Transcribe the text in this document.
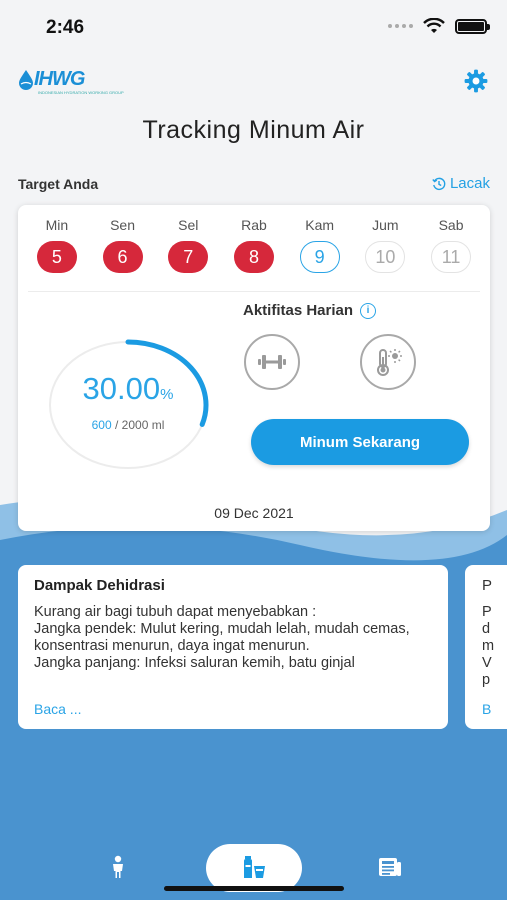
2:46
IHWG
INDONESIAN HYDRATION WORKING GROUP
Tracking Minum Air
Target Anda	Lacak
Min
5
Sen
6
Sel
7
Rab
8
Kam
9
Jum
10
Sab
11
30.00%
600 / 2000 ml
Aktifitas Harian	i
Minum Sekarang
09 Dec 2021
Dampak Dehidrasi

Kurang air bagi tubuh dapat menyebabkan :
Jangka pendek: Mulut kering, mudah lelah, mudah cemas, konsentrasi menurun, daya ingat menurun.
Jangka panjang: Infeksi saluran kemih, batu ginjal

Baca ...
P
P
d
m
V
p
B
